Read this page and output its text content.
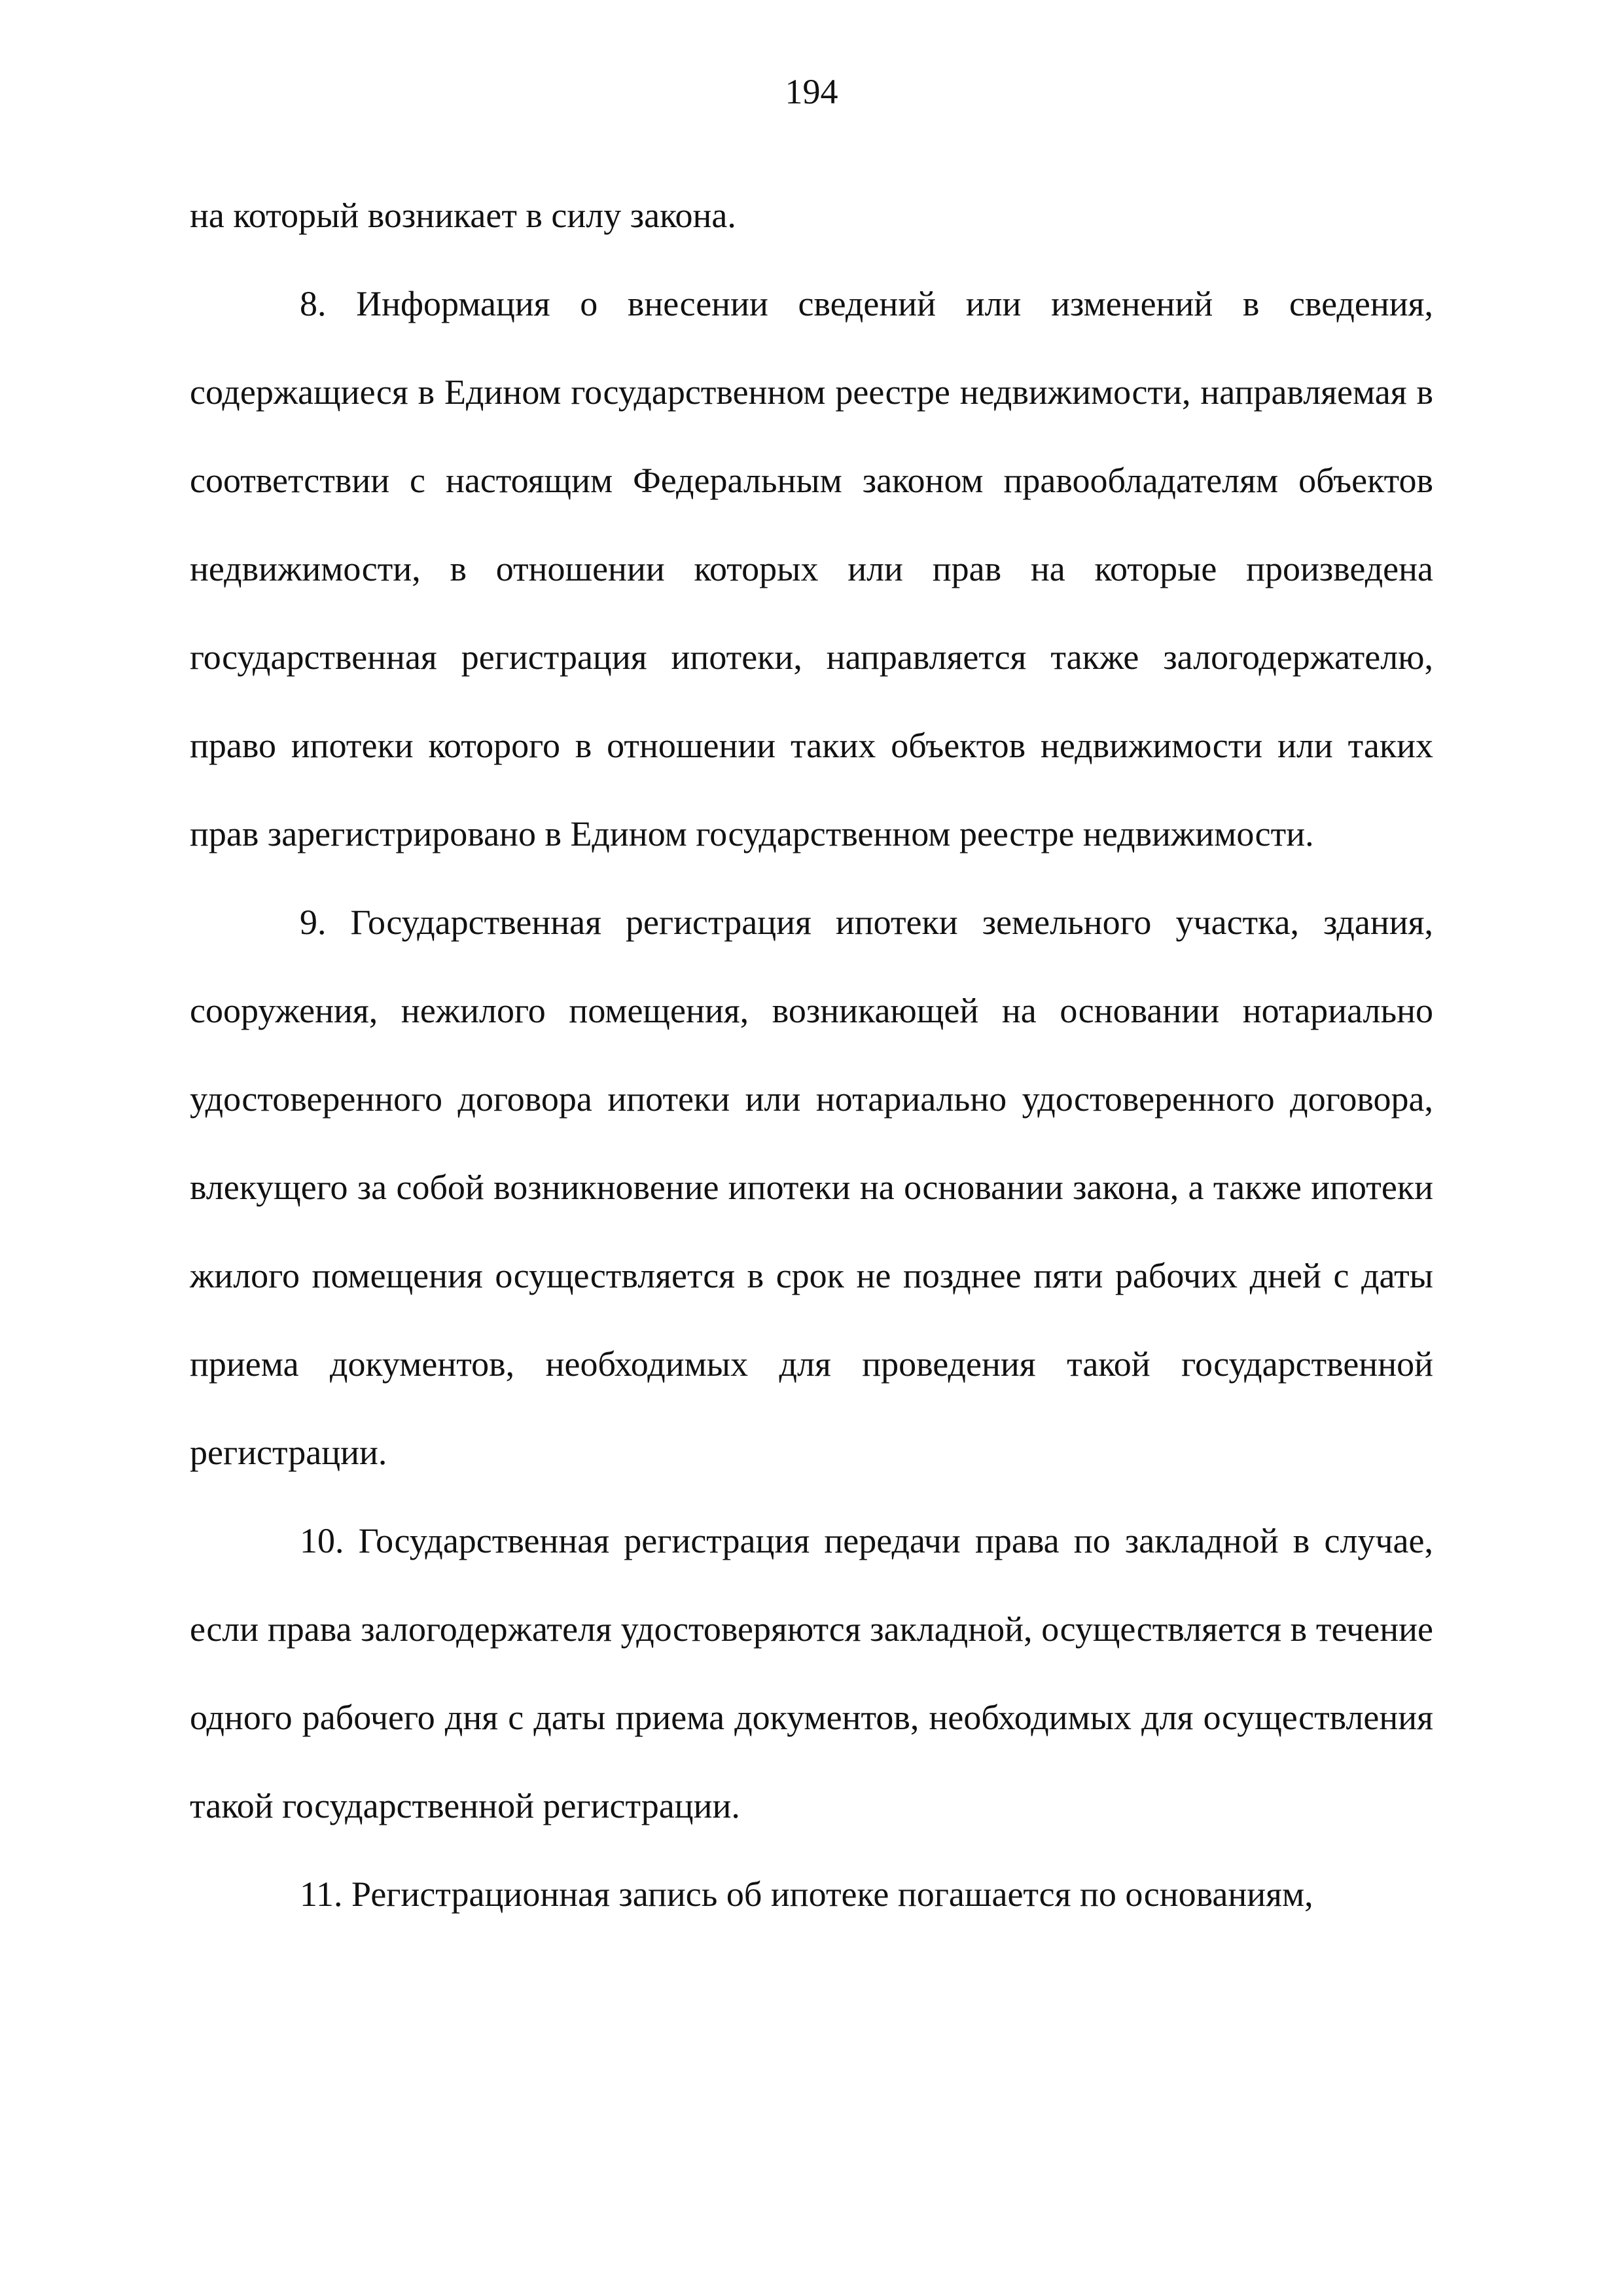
194

на который возникает в силу закона.

8. Информация о внесении сведений или изменений в сведения, содержащиеся в Едином государственном реестре недвижимости, направляемая в соответствии с настоящим Федеральным законом правообладателям объектов недвижимости, в отношении которых или прав на которые произведена государственная регистрация ипотеки, направляется также залогодержателю, право ипотеки которого в отношении таких объектов недвижимости или таких прав зарегистрировано в Едином государственном реестре недвижимости.

9. Государственная регистрация ипотеки земельного участка, здания, сооружения, нежилого помещения, возникающей на основании нотариально удостоверенного договора ипотеки или нотариально удостоверенного договора, влекущего за собой возникновение ипотеки на основании закона, а также ипотеки жилого помещения осуществляется в срок не позднее пяти рабочих дней с даты приема документов, необходимых для проведения такой государственной регистрации.

10. Государственная регистрация передачи права по закладной в случае, если права залогодержателя удостоверяются закладной, осуществляется в течение одного рабочего дня с даты приема документов, необходимых для осуществления такой государственной регистрации.

11. Регистрационная запись об ипотеке погашается по основаниям,
